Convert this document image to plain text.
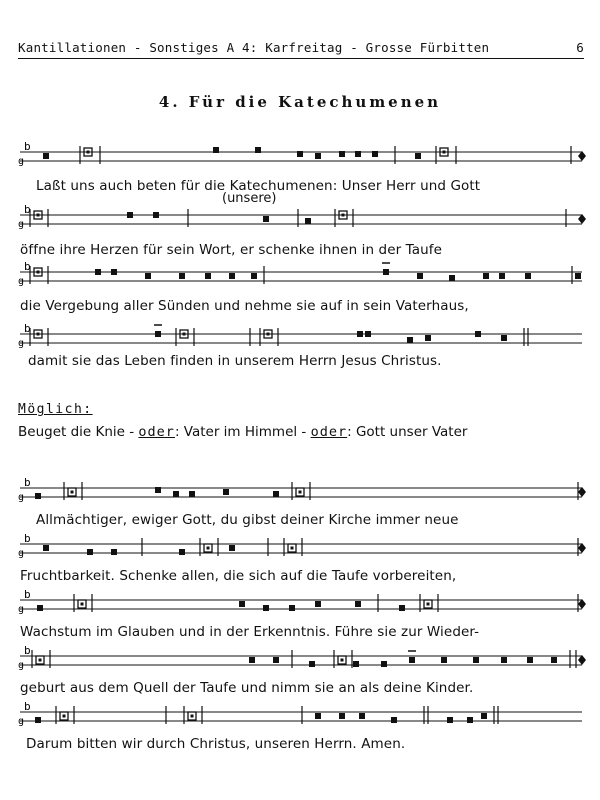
Kantillationen - Sonstiges A 4: Karfreitag - Grosse Fürbitten	6
4. Für die Katechumenen
b
g
b
g
b
g
b
g
b
g
b
g
b
g
b
g
b
g
Laßt uns auch beten für die Katechumenen: Unser Herr und Gott
(unsere)
öffne ihre Herzen für sein Wort, er schenke ihnen in der Taufe
die Vergebung aller Sünden und nehme sie auf in sein Vaterhaus,
damit sie das Leben finden in unserem Herrn Jesus Christus.
Möglich:
Beuget die Knie - oder: Vater im Himmel - oder: Gott unser Vater
Allmächtiger, ewiger Gott, du gibst deiner Kirche immer neue
Fruchtbarkeit. Schenke allen, die sich auf die Taufe vorbereiten,
Wachstum im Glauben und in der Erkenntnis. Führe sie zur Wieder-
geburt aus dem Quell der Taufe und nimm sie an als deine Kinder.
Darum bitten wir durch Christus, unseren Herrn. Amen.
